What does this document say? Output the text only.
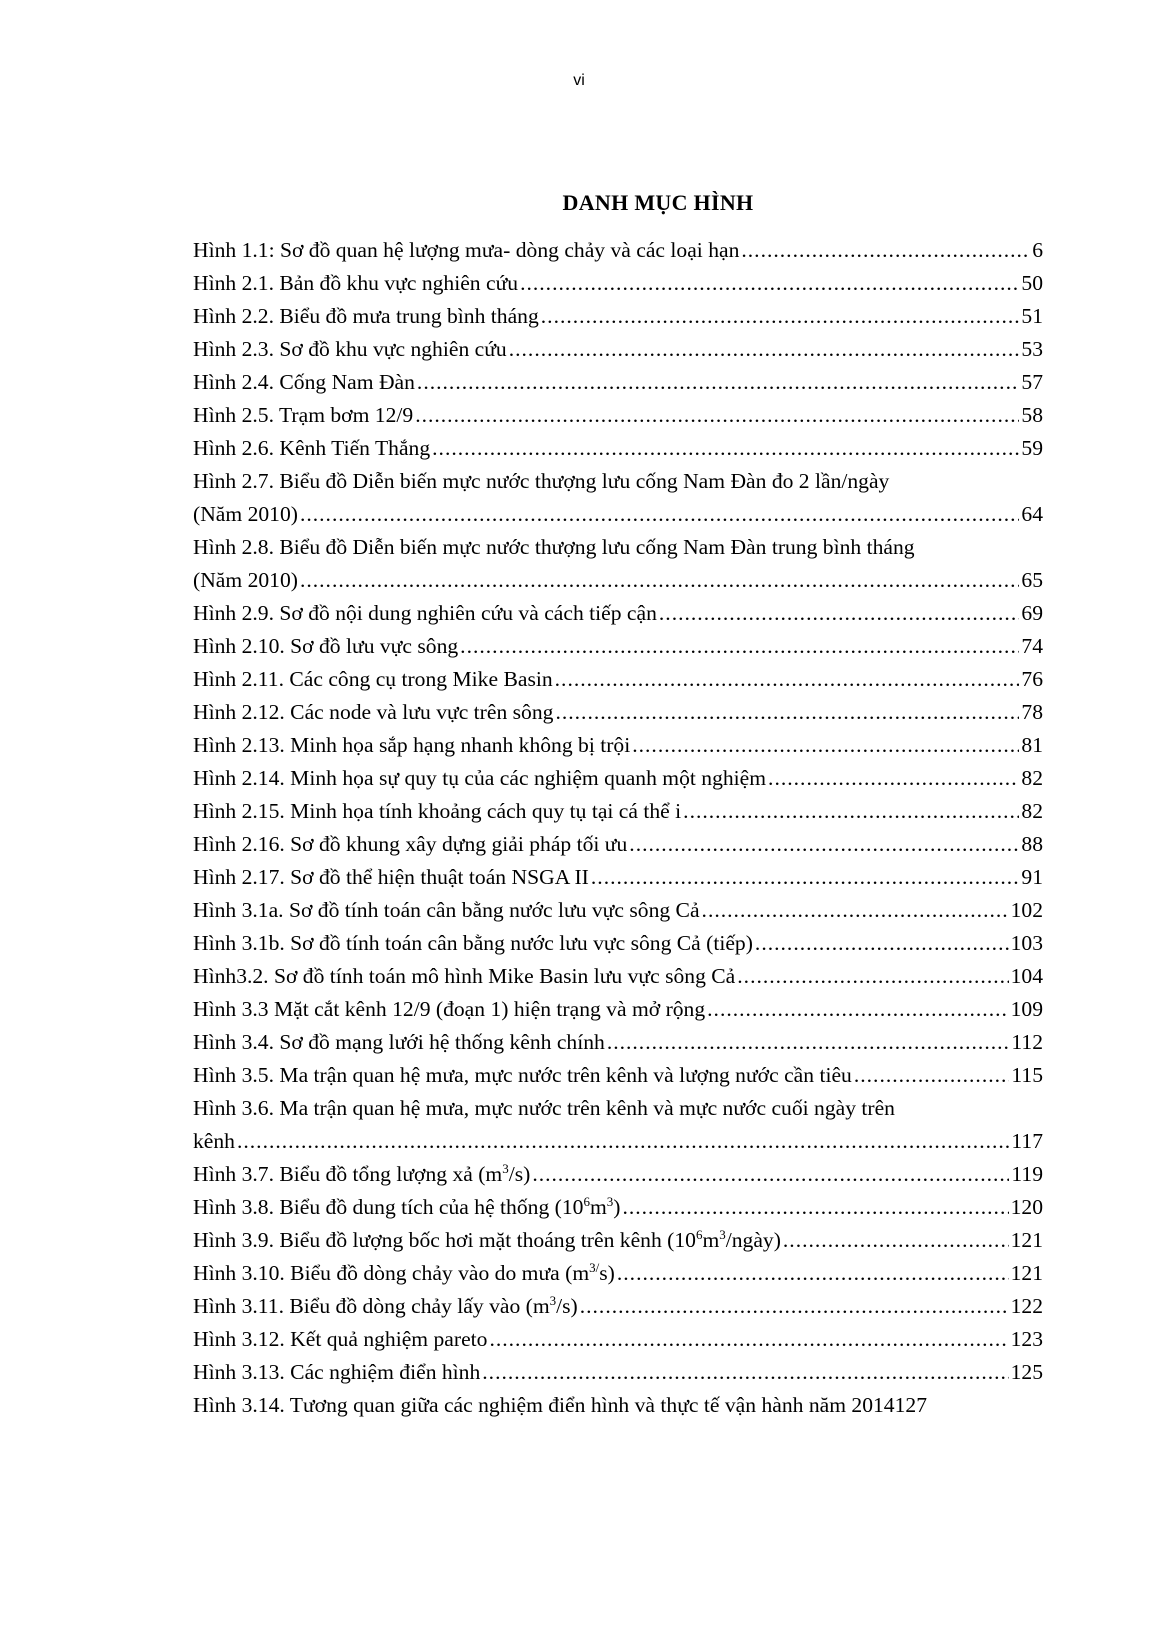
vi
DANH MỤC HÌNH
Hình 1.1: Sơ đồ quan hệ lượng mưa- dòng chảy và các loại hạn .....	6
Hình 2.1. Bản đồ khu vực nghiên cứu .....	50
Hình 2.2. Biểu đồ mưa trung bình tháng .....	51
Hình 2.3. Sơ đồ khu vực nghiên cứu .....	53
Hình 2.4. Cống Nam Đàn .....	57
Hình 2.5. Trạm bơm 12/9 .....	58
Hình 2.6. Kênh Tiến Thắng .....	59
Hình 2.7. Biểu đồ Diễn biến mực nước thượng lưu cống Nam Đàn đo 2 lần/ngày
(Năm 2010) .....	64
Hình 2.8. Biểu đồ Diễn biến mực nước thượng lưu cống Nam Đàn trung bình tháng
(Năm 2010) .....	65
Hình 2.9. Sơ đồ nội dung nghiên cứu và cách tiếp cận .....	69
Hình 2.10. Sơ đồ lưu vực sông .....	74
Hình 2.11. Các công cụ trong Mike Basin .....	76
Hình 2.12. Các node và lưu vực trên sông .....	78
Hình 2.13. Minh họa sắp hạng nhanh không bị trội .....	81
Hình 2.14. Minh họa sự quy tụ của các nghiệm quanh một nghiệm .....	82
Hình 2.15. Minh họa tính khoảng cách quy tụ tại cá thể i .....	82
Hình 2.16. Sơ đồ khung xây dựng giải pháp tối ưu .....	88
Hình 2.17. Sơ đồ thể hiện thuật toán NSGA II .....	91
Hình 3.1a. Sơ đồ tính toán cân bằng nước lưu vực sông Cả .....	102
Hình 3.1b. Sơ đồ tính toán cân bằng nước lưu vực sông Cả (tiếp) .....	103
Hình3.2. Sơ đồ tính toán mô hình Mike Basin lưu vực sông Cả .....	104
Hình 3.3 Mặt cắt kênh 12/9 (đoạn 1) hiện trạng và mở rộng .....	109
Hình 3.4. Sơ đồ mạng lưới hệ thống kênh chính .....	112
Hình 3.5. Ma trận quan hệ mưa, mực nước trên kênh và lượng nước cần tiêu .....	115
Hình 3.6. Ma trận quan hệ mưa, mực nước trên kênh và mực nước cuối ngày trên
kênh .....	117
Hình 3.7. Biểu đồ tổng lượng xả $(m^3/s)$ .....	119
Hình 3.8. Biểu đồ dung tích của hệ thống $(10^6m^3)$ .....	120
Hình 3.9. Biểu đồ lượng bốc hơi mặt thoáng trên kênh $(10^6m^3/ngày)$ .....	121
Hình 3.10. Biểu đồ dòng chảy vào do mưa $(m^{3/}s)$ .....	121
Hình 3.11. Biểu đồ dòng chảy lấy vào $(m^3/s)$ .....	122
Hình 3.12. Kết quả nghiệm pareto .....	123
Hình 3.13. Các nghiệm điển hình .....	125
Hình 3.14. Tương quan giữa các nghiệm điển hình và thực tế vận hành năm 2014 127
